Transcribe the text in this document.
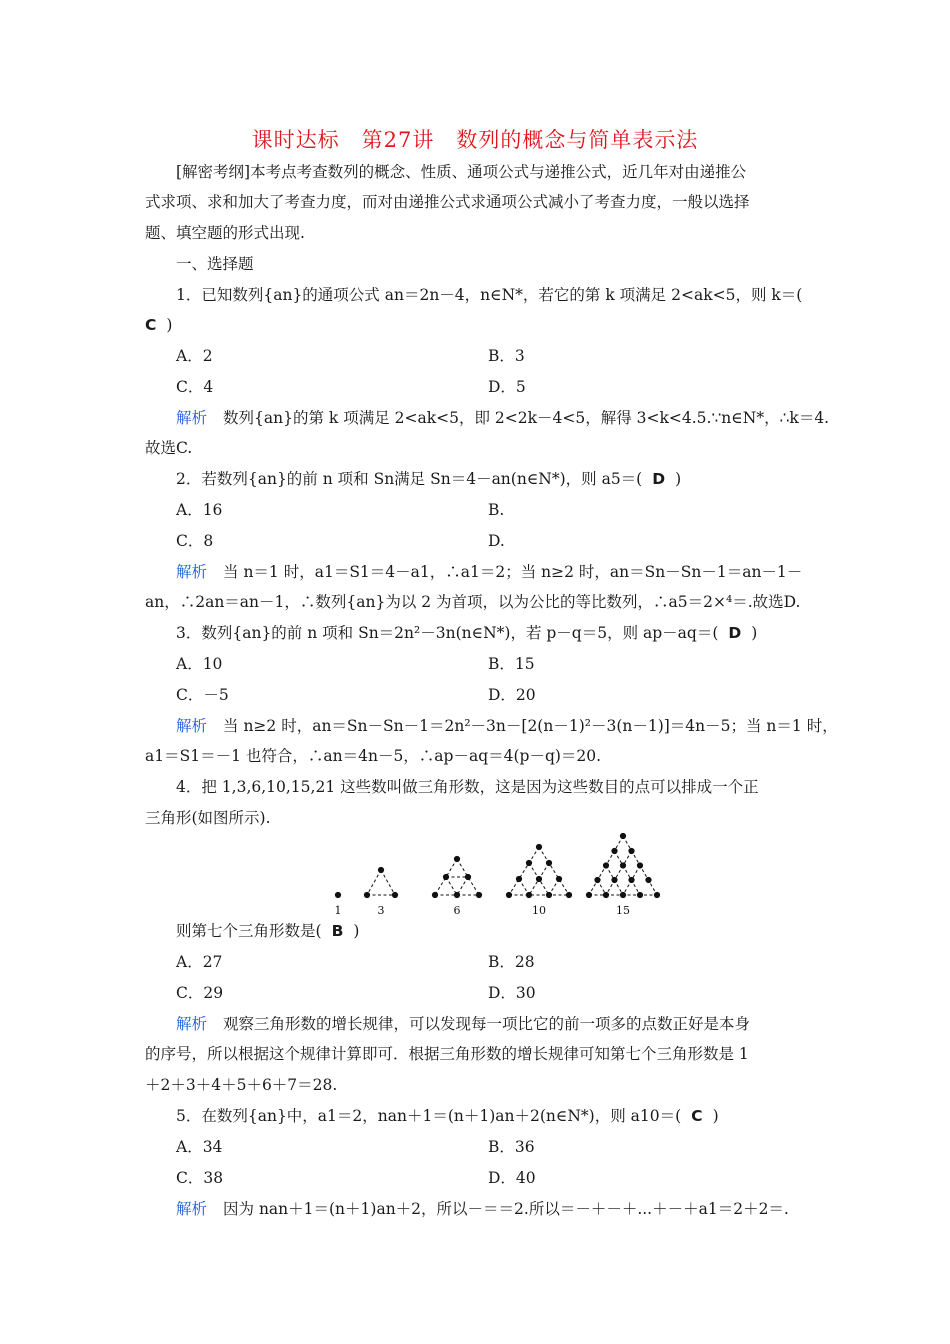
课时达标　第27讲　数列的概念与简单表示法
[解密考纲]本考点考查数列的概念、性质、通项公式与递推公式，近几年对由递推公
式求项、求和加大了考查力度，而对由递推公式求通项公式减小了考查力度，一般以选择
题、填空题的形式出现.
一、选择题
1．已知数列{an}的通项公式 an＝2n－4，n∈N*，若它的第 k 项满足 2<ak<5，则 k＝(
C )
A．2	B．3
C．4	D．5
解析 数列{an}的第 k 项满足 2<ak<5，即 2<2k－4<5，解得 3<k<4.5.∵n∈N*，∴k＝4.
故选C.
2．若数列{an}的前 n 项和 Sn满足 Sn＝4－an(n∈N*)，则 a5＝( D )
A．16	B.
C．8	D.
解析 当 n＝1 时，a1＝S1＝4－a1，∴a1＝2；当 n≥2 时，an＝Sn－Sn－1＝an－1－
an，∴2an＝an－1，∴数列{an}为以 2 为首项，以为公比的等比数列，∴a5＝2×⁴＝.故选D.
3．数列{an}的前 n 项和 Sn＝2n²－3n(n∈N*)，若 p－q＝5，则 ap－aq＝( D )
A．10	B．15
C．－5	D．20
解析 当 n≥2 时，an＝Sn－Sn－1＝2n²－3n－[2(n－1)²－3(n－1)]＝4n－5；当 n＝1 时，
a1＝S1＝－1 也符合，∴an＝4n－5，∴ap－aq＝4(p－q)＝20.
4．把 1,3,6,10,15,21 这些数叫做三角形数，这是因为这些数目的点可以排成一个正
三角形(如图所示).
1	3	6	10	15
则第七个三角形数是( B )
A．27	B．28
C．29	D．30
解析 观察三角形数的增长规律，可以发现每一项比它的前一项多的点数正好是本身
的序号，所以根据这个规律计算即可．根据三角形数的增长规律可知第七个三角形数是 1
＋2＋3＋4＋5＋6＋7＝28.
5．在数列{an}中，a1＝2，nan＋1＝(n＋1)an＋2(n∈N*)，则 a10＝( C )
A．34	B．36
C．38	D．40
解析 因为 nan＋1＝(n＋1)an＋2，所以－＝＝2.所以＝－＋－＋...＋－＋a1＝2＋2＝.
